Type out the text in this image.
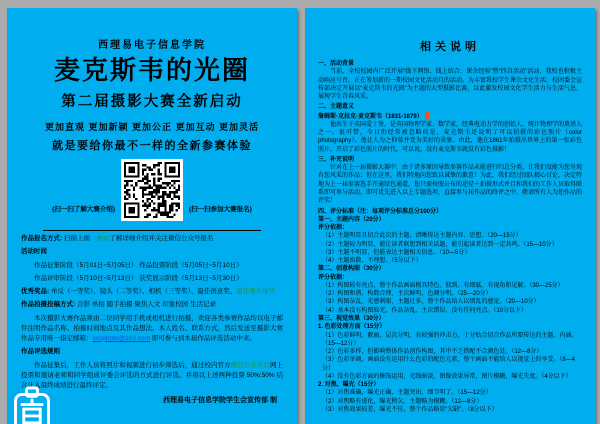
西理易电子信息学院
麦克斯韦的光圈
第二届摄影大赛全新启动
更加直观 更加新颖 更加公正 更加互动 更加灵活
就是要给你最不一样的全新参赛体验
(扫一扫了解大赛介绍)	(扫一扫参加大赛报名)
作品报名方式: 扫描上面二维码了解详细介绍并关注微信公众号报名
活动时间
作品征集阶段（5月01日~5月05日） 作品投票阶段（5月05日~5月10日）
作品评审阶段（5月10日~5月13日） 获奖展示阶段（5月13日~5月30日）
优秀奖品: 单反（一等奖）、镜头（二等奖）、相机（三等奖）、最佳创意奖、最佳观众缘奖
作品拍摄投稿方式: 合影 单拍 随手拍摄 聚焦人文 印象校园 生活记录
本次摄影大赛作品须由二位同学用手机或相机进行拍摄，欢迎各类参赛作品均以电子邮件注明作品名称、拍摄时间地点及其作品想法、本人姓名、联系方式，然后发送至摄影大赛作品专用唯一指定邮箱：xxxphoto@163.com 即可参与到本届作品评选活动中来。
作品评选规则
作品征集后，工作人员将照片和视频进行初步筛选后，通过校内官方微信公众平台网上投票和邀请老师和同学组成评委会评选的方式进行评选，并将以上述两种投票 50%:50% 结合计入最终成绩进行最终评定。
西理易电子信息学院学生会宣传部 制
相关说明
一、活动背景
当前，全校校园内广泛开展“线下网络、线上结合、课余经验”暨“四自活动”活动，我校也积极主动响应号召，正在筹划新的一期校园文化活动月的活动。为丰富我校学生课余文化生活，校团委会宣传部决定开展以“麦克斯韦的光圈”为主题的大型摄影比赛，以此激发校园文化学生活力与生活气息，展现学生青春风采。
二、主题意义
詹姆斯·克拉克·麦克斯韦（1831-1879）
他出生于英国爱丁堡，是英国物理学家、数学家，经典电动力学的创始人，统计物理学的奠基人之一。很可惜，今日仍经常被忽略的是，麦克斯韦还说明了可以拍摄的彩色照片（color photography）。他让人为之仰慕并变为美好的景象。由此，他在1861年拍摄出世界上的第一张彩色照片，开启了彩色照片的时代。可以说，没有麦克斯韦就没有彩色摄影！
三、补充说明
针对在上一届摄影大赛中，由于诸多原因导致参赛作品未能进行归总分类，让我们没能为您呈现有您风采的作品；但在这里，我们特地向您致以诚挚的歉意！为此，我们经过团队精心讨论，决定特地为上一届参赛选手开通绿色通道，您只需按照公布的途径＋拍摄形式并且和我们的工作人员取得联系即可参与活动，即可优先进入以上专题选项，直接参与届作品的终评之中，敬请所有人为您作品的评奖！
四、评分标准（注：每项评分标准总分100分）
第一、主题内容（20分）
评分依据：
（1）主题明显且切合此次的主题，清晰传达主题内容、思想。（20—15分）
（2）主题较为明显，能让读者联想到相关话题，能引起读者达到一定共鸣。（15—10分）
（3）主题不明显，但能表达主题相关信息。（10—5分）
（4）主题涣散，不理想。（5分以下）
第二、创意构图（30分）
评分依据：
（1）构图较有亮点，整个作品画面极具特色、独到、有细腻、有视角和见解。（30—25分）
（2）构图和谐、构数合理、主次鲜明、色调分明。（25—20分）
（3）构图杂乱、光感刺眼、主题过多，整个作品给人以烦乱的感觉。（20—10分）
（4）基本没有构图取光，作品杂乱、主次错误、没有任何亮点。（10分以下）
第三、视觉效果（30分）
1. 色彩处理方面（15分）
（1）色彩鲜明、靓丽、层次分明、有较强的冲击力，十分贴合切合作品所要传达的主题、内涵。（15—12分）
（2）色彩多样，但影响整体作品创作构图，其中不乏搭配不合颜色处。（12—8分）
（3）色彩单调，画面没有运用什么色彩的配色元素，整个画面不能给人以视觉上的享受。（8—4分）
（4）没有色彩方面的修饰运用，光线暗淡，图像效果异常，图片模糊，曝光失度。（4分以下）
2. 对焦、曝光（15分）
（1）对焦准确，曝光正确、主题突出，细节明了。（15—12分）
（2）对焦略有虚化，曝光稍欠、主题略为模糊。（12—8分）
（3）对焦效果较差，曝光不佳，整个作品略显“欠缺”。（8分以下）
